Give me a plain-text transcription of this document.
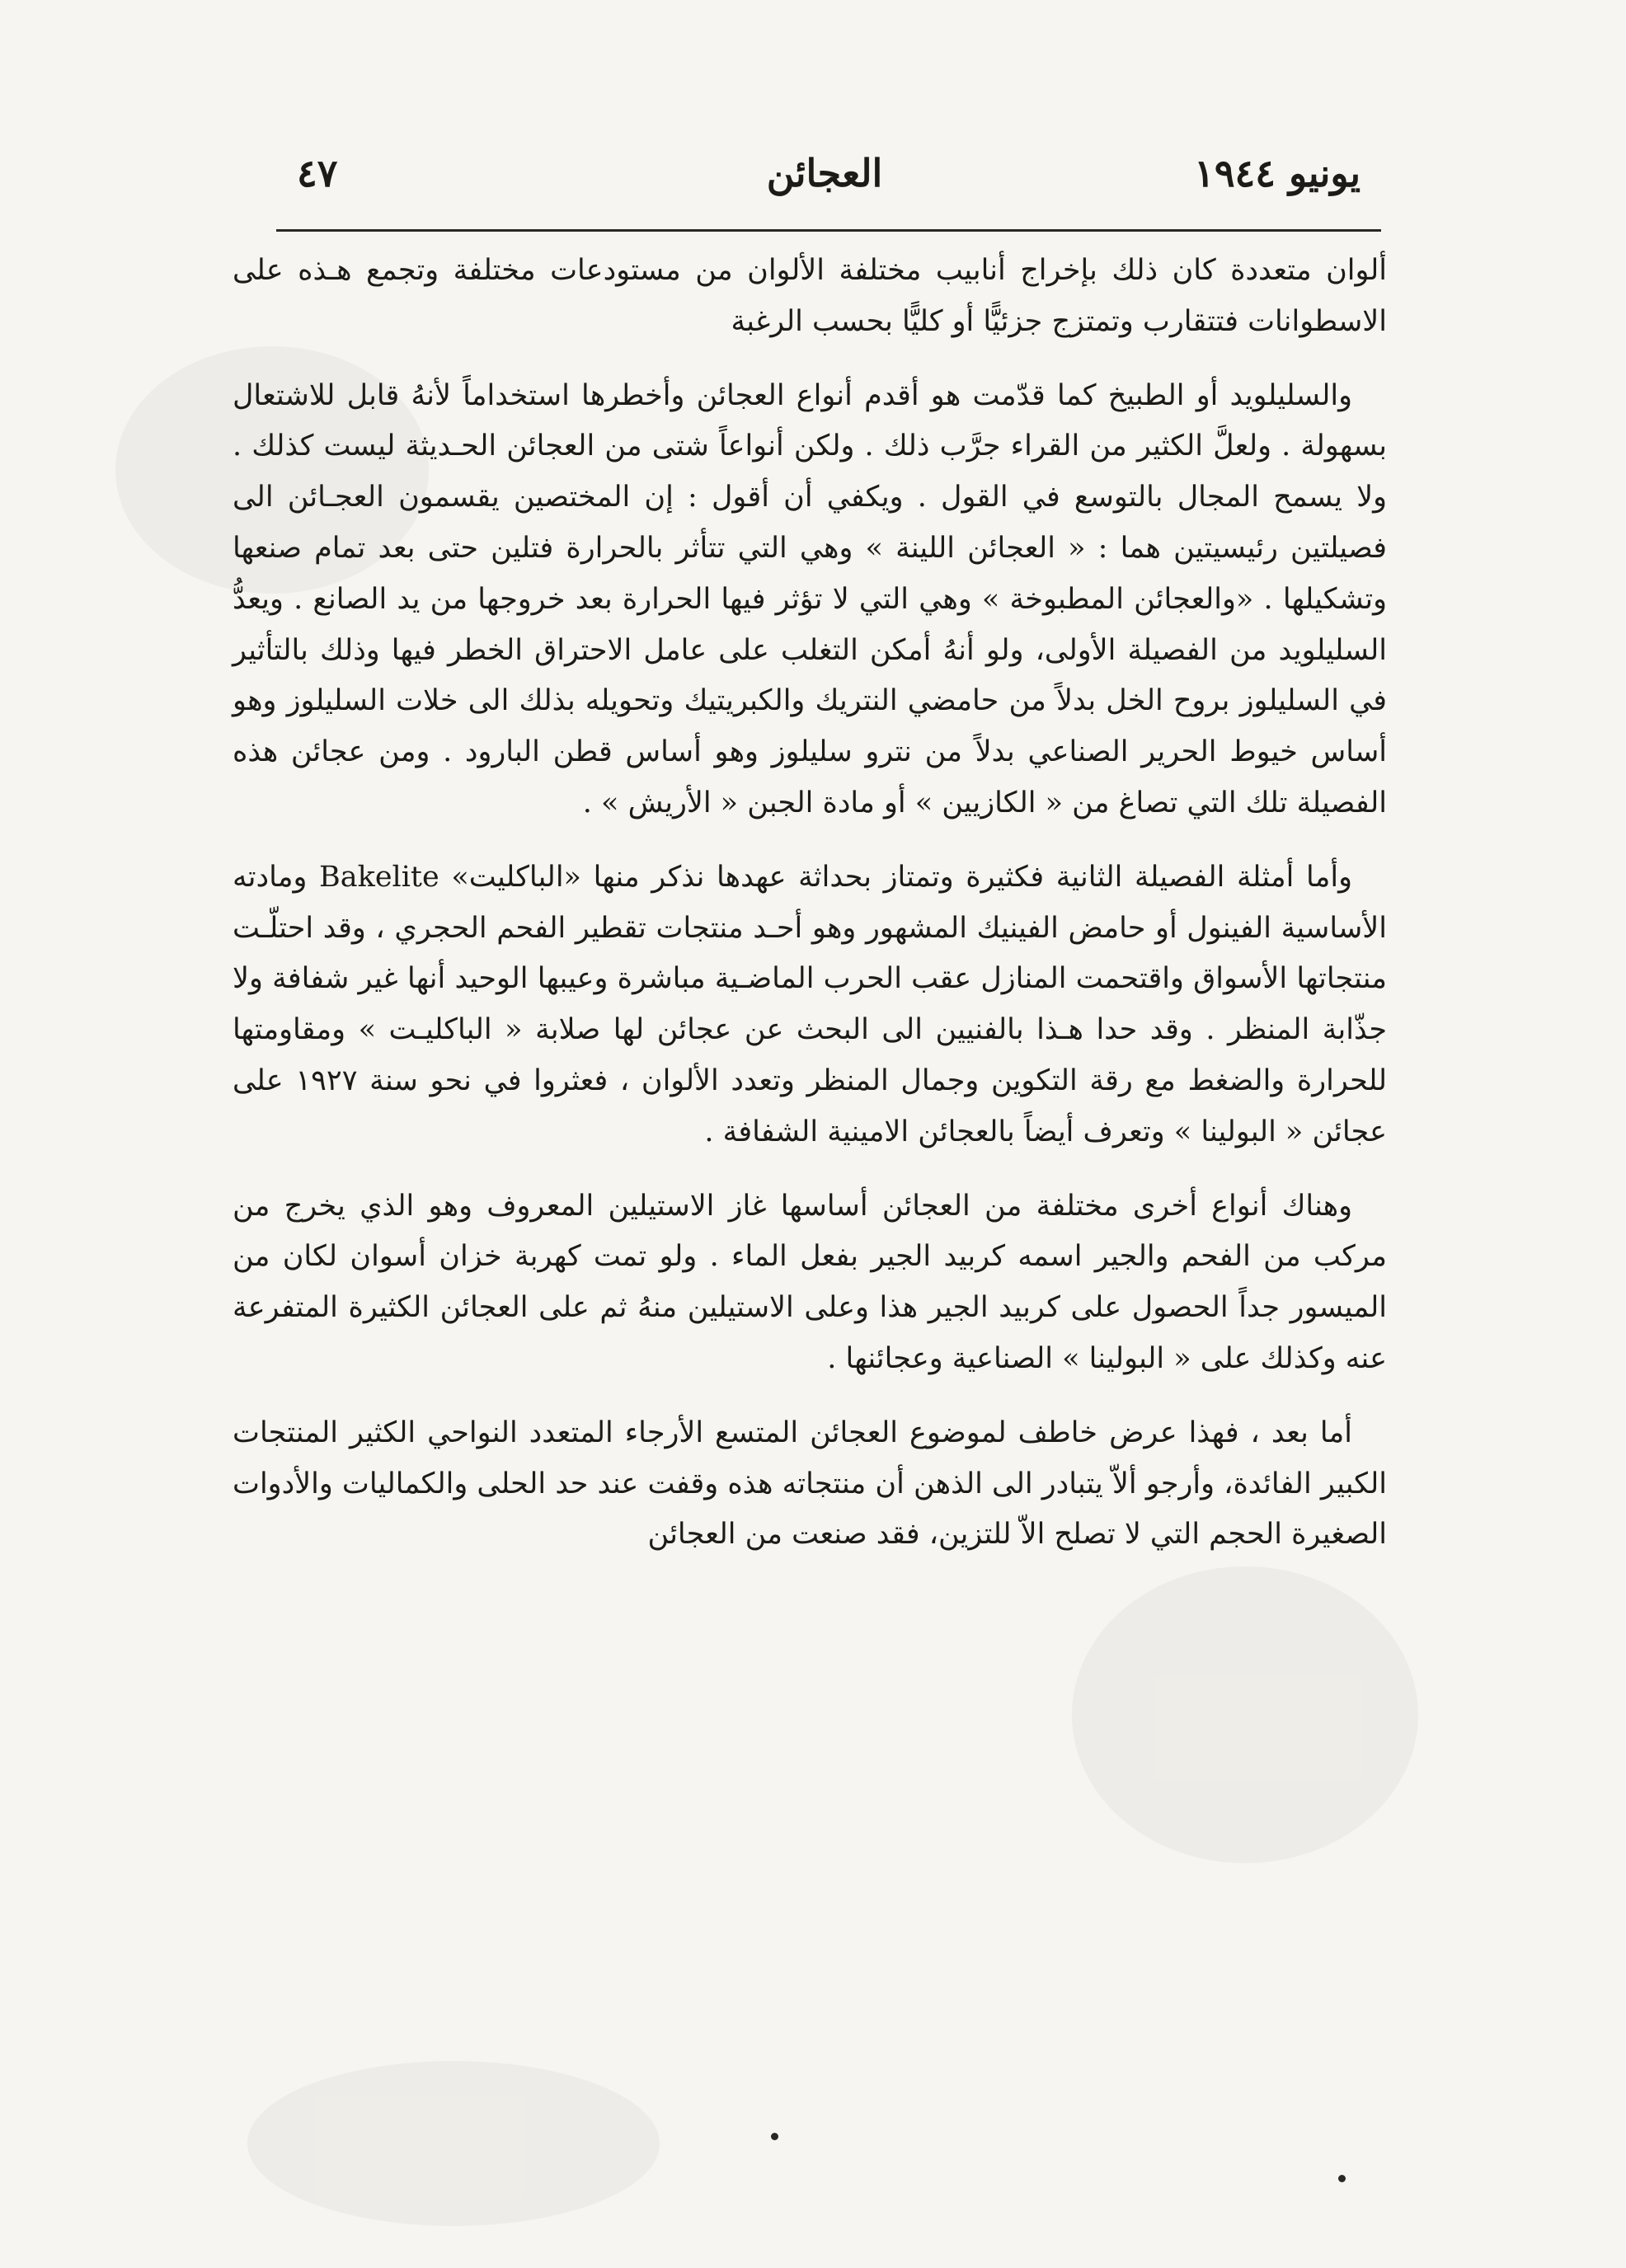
يونيو ١٩٤٤
العجائن
٤٧

ألوان متعددة كان ذلك بإخراج أنابيب مختلفة الألوان من مستودعات مختلفة وتجمع هـذه على الاسطوانات فتتقارب وتمتزج جزئيًّا أو كليًّا بحسب الرغبة

والسليلويد أو الطبيخ كما قدّمت هو أقدم أنواع العجائن وأخطرها استخداماً لأنهُ قابل للاشتعال بسهولة . ولعلَّ الكثير من القراء جرَّب ذلك . ولكن أنواعاً شتى من العجائن الحـديثة ليست كذلك . ولا يسمح المجال بالتوسع في القول . ويكفي أن أقول : إن المختصين يقسمون العجـائن الى فصيلتين رئيسيتين هما : « العجائن اللينة » وهي التي تتأثر بالحرارة فتلين حتى بعد تمام صنعها وتشكيلها . «والعجائن المطبوخة » وهي التي لا تؤثر فيها الحرارة بعد خروجها من يد الصانع . ويعدُّ السليلويد من الفصيلة الأولى، ولو أنهُ أمكن التغلب على عامل الاحتراق الخطر فيها وذلك بالتأثير في السليلوز بروح الخل بدلاً من حامضي النتريك والكبريتيك وتحويله بذلك الى خلات السليلوز وهو أساس خيوط الحرير الصناعي بدلاً من نترو سليلوز وهو أساس قطن البارود . ومن عجائن هذه الفصيلة تلك التي تصاغ من « الكازيين » أو مادة الجبن « الأريش » .

وأما أمثلة الفصيلة الثانية فكثيرة وتمتاز بحداثة عهدها نذكر منها «الباكليت» Bakelite ومادته الأساسية الفينول أو حامض الفينيك المشهور وهو أحـد منتجات تقطير الفحم الحجري ، وقد احتلّـت منتجاتها الأسواق واقتحمت المنازل عقب الحرب الماضـية مباشرة وعيبها الوحيد أنها غير شفافة ولا جذّابة المنظر . وقد حدا هـذا بالفنيين الى البحث عن عجائن لها صلابة « الباكليـت » ومقاومتها للحرارة والضغط مع رقة التكوين وجمال المنظر وتعدد الألوان ، فعثروا في نحو سنة ١٩٢٧ على عجائن « البولينا » وتعرف أيضاً بالعجائن الامينية الشفافة .

وهناك أنواع أخرى مختلفة من العجائن أساسها غاز الاستيلين المعروف وهو الذي يخرج من مركب من الفحم والجير اسمه كربيد الجير بفعل الماء . ولو تمت كهربة خزان أسوان لكان من الميسور جداً الحصول على كربيد الجير هذا وعلى الاستيلين منهُ ثم على العجائن الكثيرة المتفرعة عنه وكذلك على « البولينا » الصناعية وعجائنها .

أما بعد ، فهذا عرض خاطف لموضوع العجائن المتسع الأرجاء المتعدد النواحي الكثير المنتجات الكبير الفائدة، وأرجو ألاّ يتبادر الى الذهن أن منتجاته هذه وقفت عند حد الحلى والكماليات والأدوات الصغيرة الحجم التي لا تصلح الاّ للتزين، فقد صنعت من العجائن
